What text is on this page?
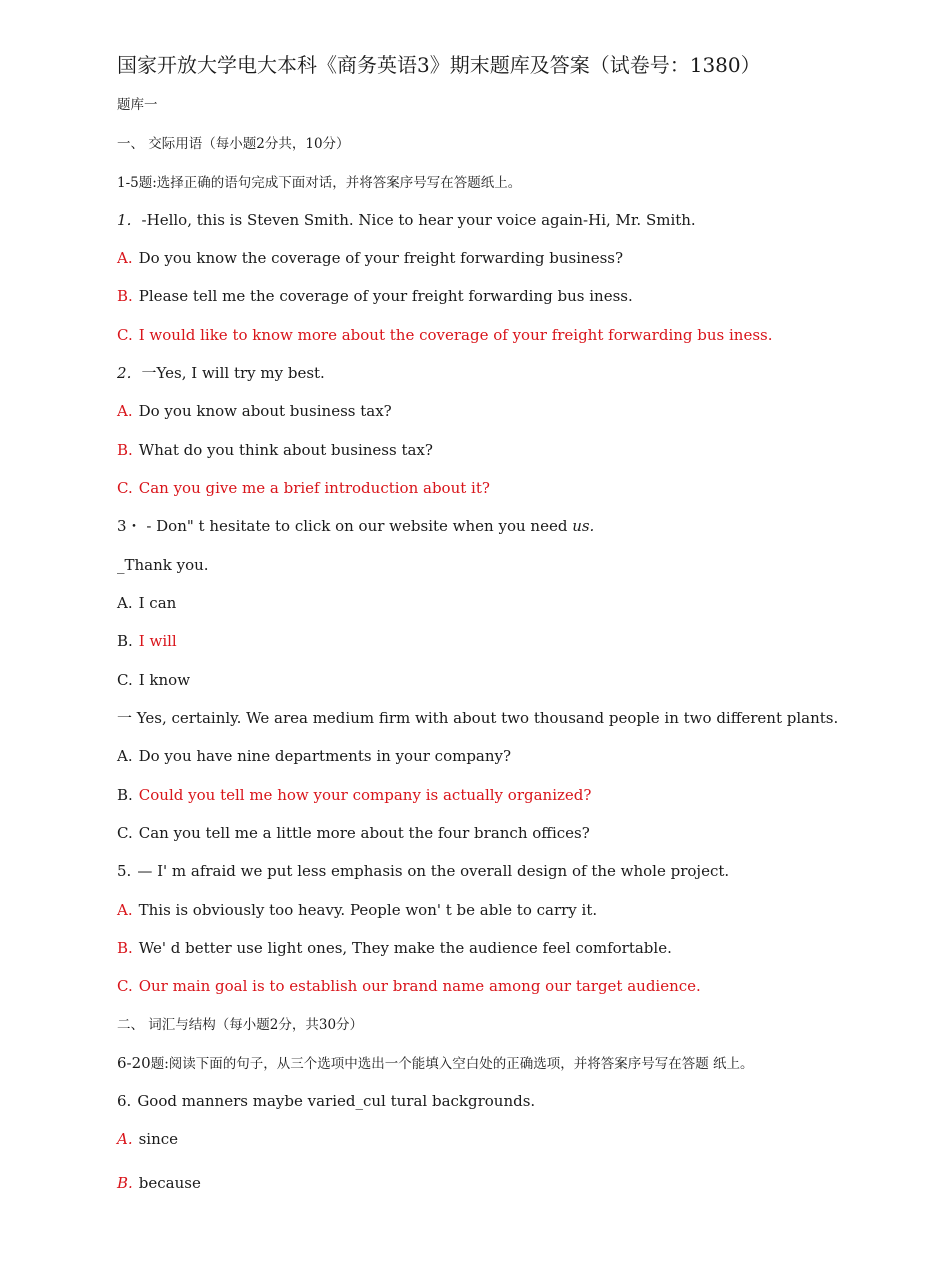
国家开放大学电大本科《商务英语3》期末题库及答案（试卷号：1380）
题库一
一、 交际用语（每小题2分共，10分）
1-5题:选择正确的语句完成下面对话，并将答案序号写在答题纸上。
1．-Hello, this is Steven Smith. Nice to hear your voice again-Hi, Mr. Smith.
A. Do you know the coverage of your freight forwarding business?
B. Please tell me the coverage of your freight forwarding bus iness.
C. I would like to know more about the coverage of your freight forwarding bus iness.
2．一Yes, I will try my best.
A. Do you know about business tax?
B. What do you think about business tax?
C. Can you give me a brief introduction about it?
3・ - Don" t hesitate to click on our website when you need us.
_Thank you.
A. I can
B. I will
C. I know
一 Yes, certainly. We area medium firm with about two thousand people in two different plants.
A. Do you have nine departments in your company?
B. Could you tell me how your company is actually organized?
C. Can you tell me a little more about the four branch offices?
5. — I' m afraid we put less emphasis on the overall design of the whole project.
A. This is obviously too heavy. People won' t be able to carry it.
B. We' d better use light ones, They make the audience feel comfortable.
C. Our main goal is to establish our brand name among our target audience.
二、 词汇与结构（每小题2分，共30分）
6-20题:阅读下面的句子，从三个选项中选出一个能填入空白处的正确选项，并将答案序号写在答题 纸上。
6. Good manners maybe varied_cul tural backgrounds.
A. since
B. because
